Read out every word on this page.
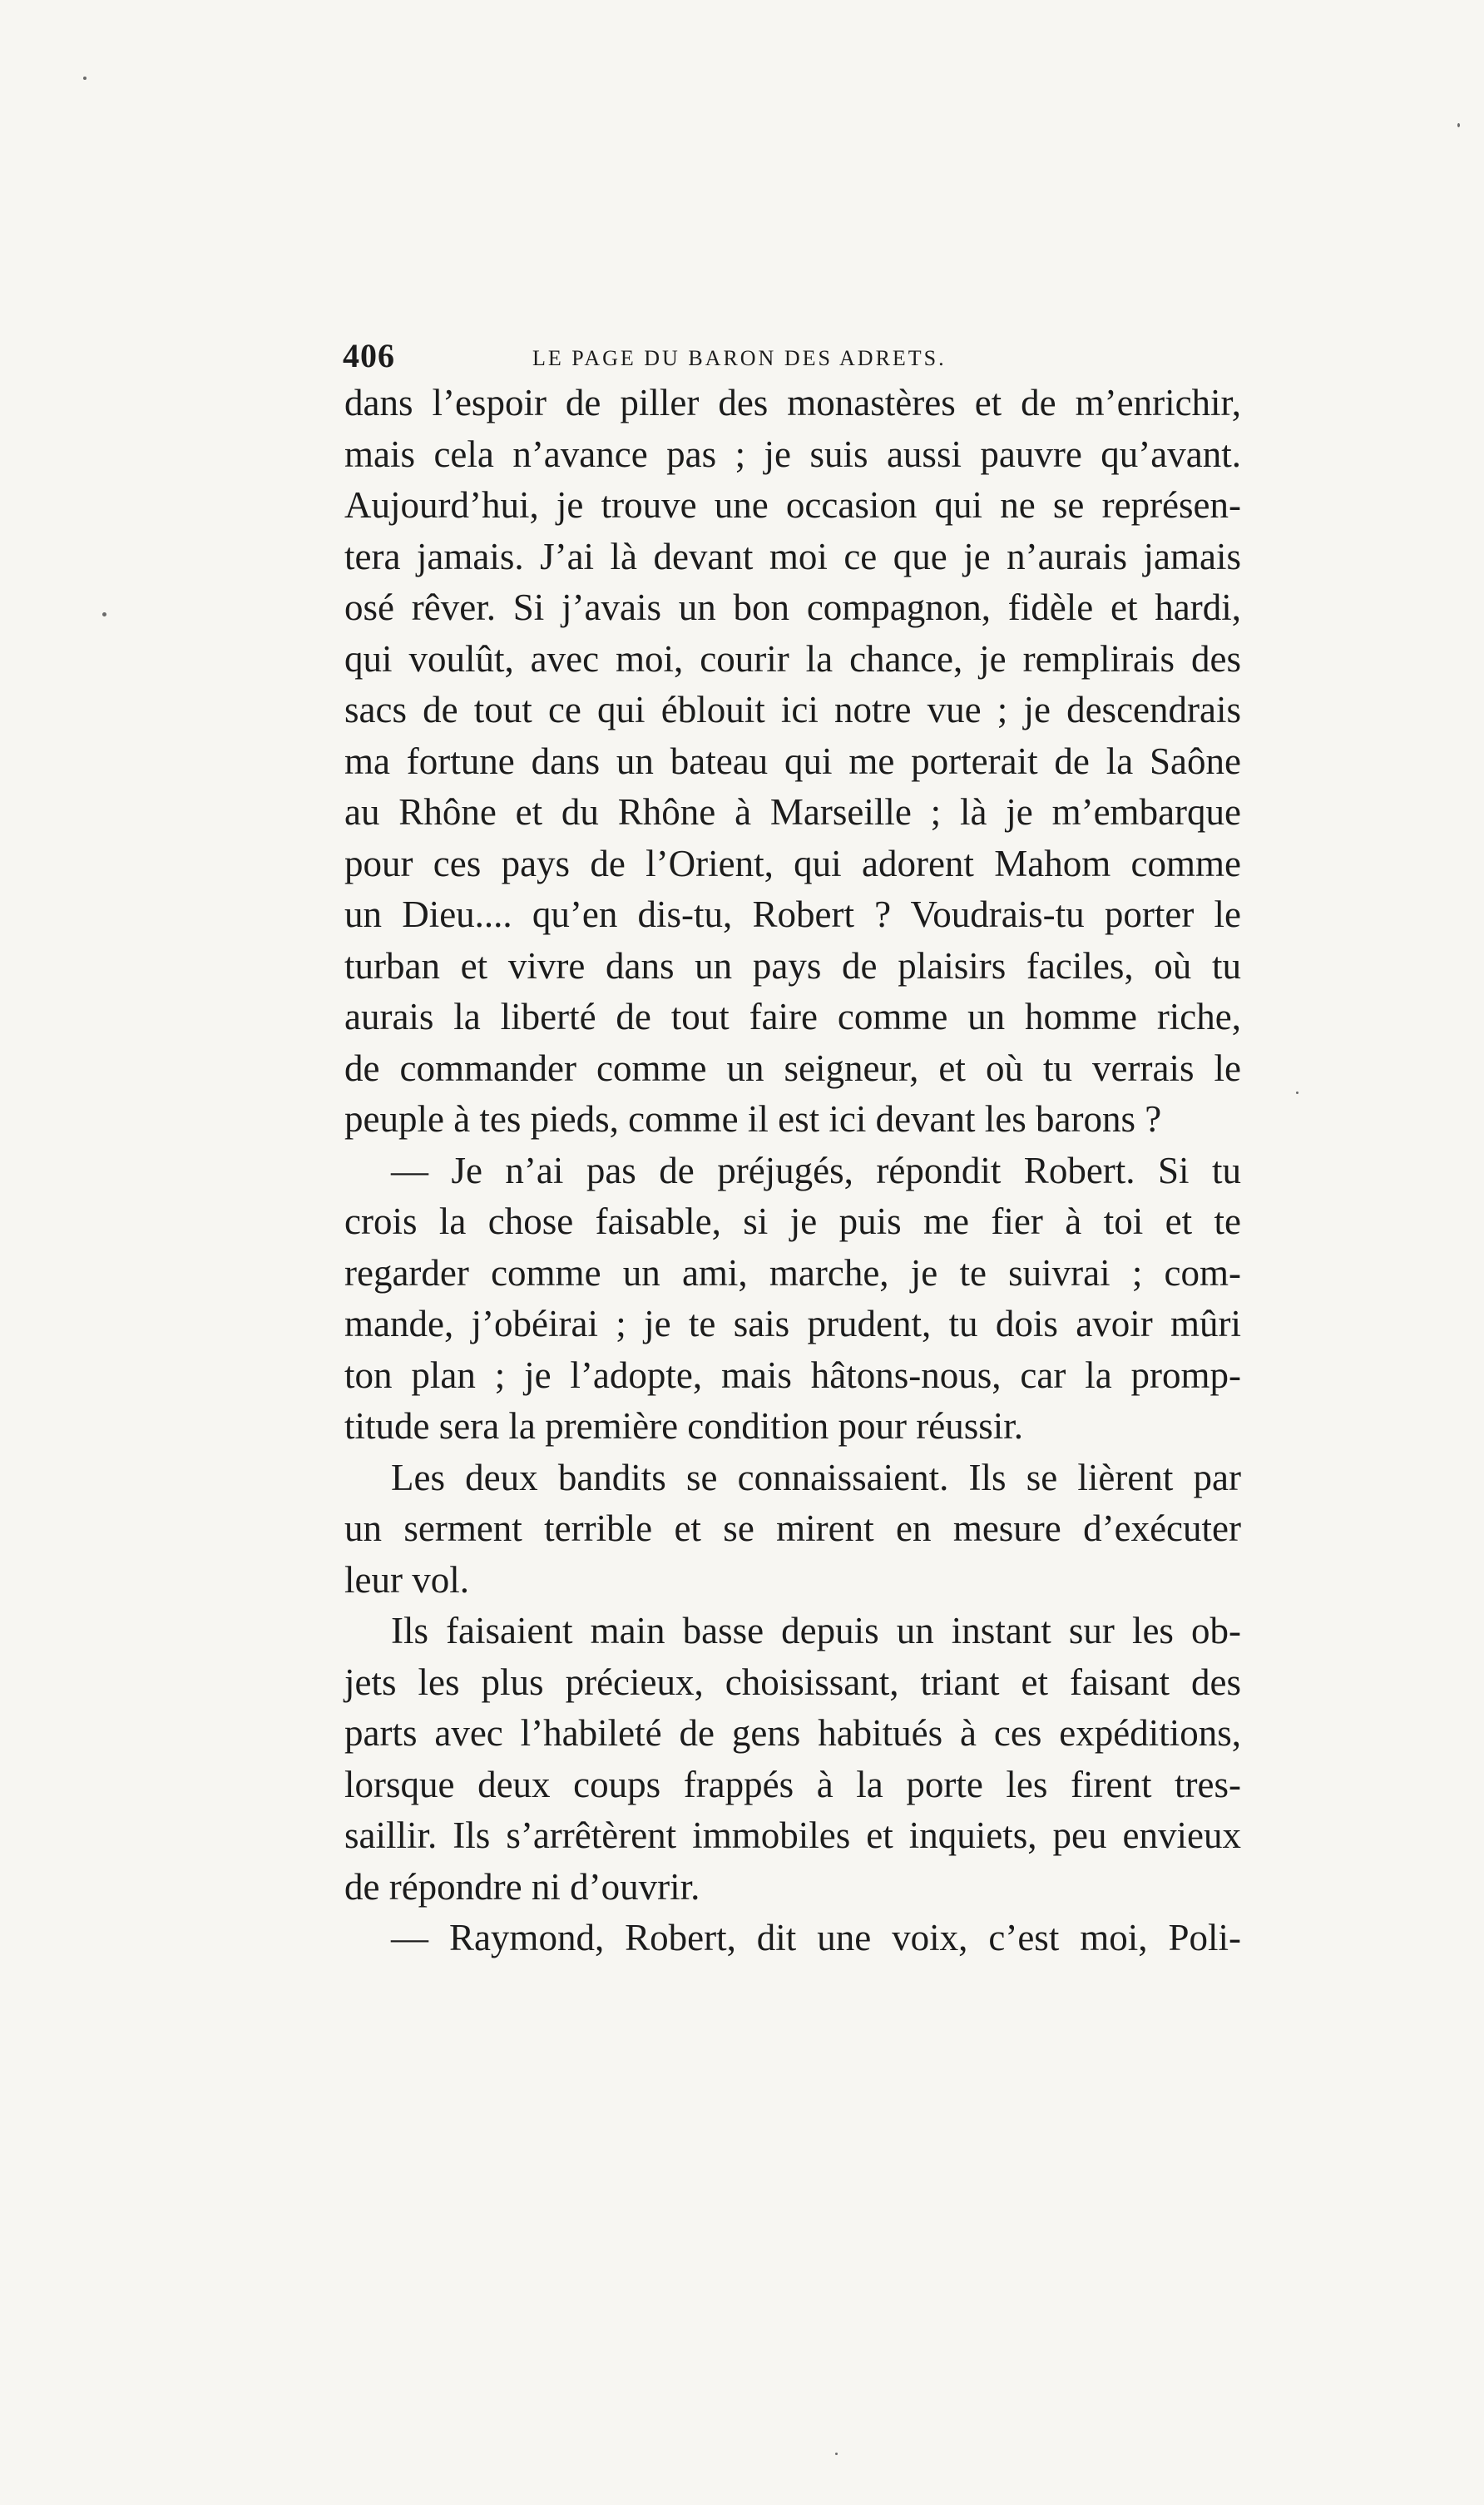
406	LE PAGE DU BARON DES ADRETS.
dans l’espoir de piller des monastères et de m’enrichir,
mais cela n’avance pas ; je suis aussi pauvre qu’avant.
Aujourd’hui, je trouve une occasion qui ne se représen-
tera jamais. J’ai là devant moi ce que je n’aurais jamais
osé rêver. Si j’avais un bon compagnon, fidèle et hardi,
qui voulût, avec moi, courir la chance, je remplirais des
sacs de tout ce qui éblouit ici notre vue ; je descendrais
ma fortune dans un bateau qui me porterait de la Saône
au Rhône et du Rhône à Marseille ; là je m’embarque
pour ces pays de l’Orient, qui adorent Mahom comme
un Dieu.... qu’en dis-tu, Robert ? Voudrais-tu porter le
turban et vivre dans un pays de plaisirs faciles, où tu
aurais la liberté de tout faire comme un homme riche,
de commander comme un seigneur, et où tu verrais le
peuple à tes pieds, comme il est ici devant les barons ?
— Je n’ai pas de préjugés, répondit Robert. Si tu
crois la chose faisable, si je puis me fier à toi et te
regarder comme un ami, marche, je te suivrai ; com-
mande, j’obéirai ; je te sais prudent, tu dois avoir mûri
ton plan ; je l’adopte, mais hâtons-nous, car la promp-
titude sera la première condition pour réussir.
Les deux bandits se connaissaient. Ils se lièrent par
un serment terrible et se mirent en mesure d’exécuter
leur vol.
Ils faisaient main basse depuis un instant sur les ob-
jets les plus précieux, choisissant, triant et faisant des
parts avec l’habileté de gens habitués à ces expéditions,
lorsque deux coups frappés à la porte les firent tres-
saillir. Ils s’arrêtèrent immobiles et inquiets, peu envieux
de répondre ni d’ouvrir.
— Raymond, Robert, dit une voix, c’est moi, Poli-
